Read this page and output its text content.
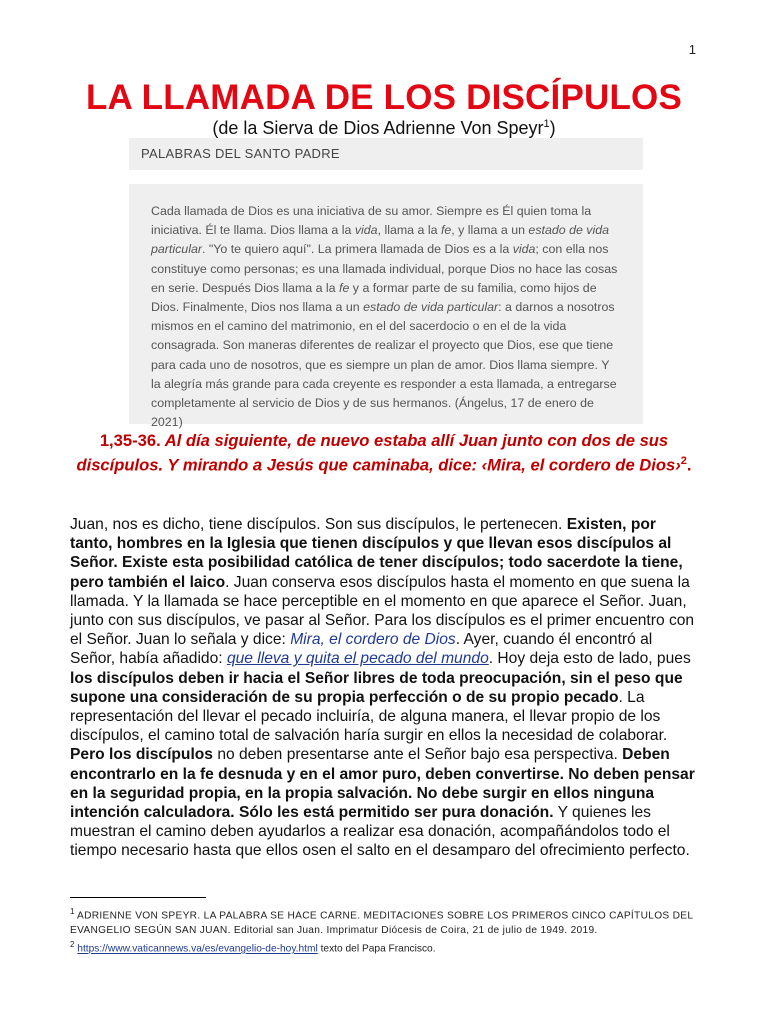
1
LA LLAMADA DE LOS DISCÍPULOS
(de la Sierva de Dios Adrienne Von Speyr$^1$)
PALABRAS DEL SANTO PADRE
Cada llamada de Dios es una iniciativa de su amor. Siempre es Él quien toma la iniciativa. Él te llama. Dios llama a la vida, llama a la fe, y llama a un estado de vida particular. "Yo te quiero aquí". La primera llamada de Dios es a la vida; con ella nos constituye como personas; es una llamada individual, porque Dios no hace las cosas en serie. Después Dios llama a la fe y a formar parte de su familia, como hijos de Dios. Finalmente, Dios nos llama a un estado de vida particular: a darnos a nosotros mismos en el camino del matrimonio, en el del sacerdocio o en el de la vida consagrada. Son maneras diferentes de realizar el proyecto que Dios, ese que tiene para cada uno de nosotros, que es siempre un plan de amor. Dios llama siempre. Y la alegría más grande para cada creyente es responder a esta llamada, a entregarse completamente al servicio de Dios y de sus hermanos. (Ángelus, 17 de enero de 2021)
1,35-36. Al día siguiente, de nuevo estaba allí Juan junto con dos de sus discípulos. Y mirando a Jesús que caminaba, dice: ‹Mira, el cordero de Dios›$^2$.
Juan, nos es dicho, tiene discípulos. Son sus discípulos, le pertenecen. Existen, por tanto, hombres en la Iglesia que tienen discípulos y que llevan esos discípulos al Señor. Existe esta posibilidad católica de tener discípulos; todo sacerdote la tiene, pero también el laico. Juan conserva esos discípulos hasta el momento en que suena la llamada. Y la llamada se hace perceptible en el momento en que aparece el Señor. Juan, junto con sus discípulos, ve pasar al Señor. Para los discípulos es el primer encuentro con el Señor. Juan lo señala y dice: Mira, el cordero de Dios. Ayer, cuando él encontró al Señor, había añadido: que lleva y quita el pecado del mundo. Hoy deja esto de lado, pues los discípulos deben ir hacia el Señor libres de toda preocupación, sin el peso que supone una consideración de su propia perfección o de su propio pecado. La representación del llevar el pecado incluiría, de alguna manera, el llevar propio de los discípulos, el camino total de salvación haría surgir en ellos la necesidad de colaborar. Pero los discípulos no deben presentarse ante el Señor bajo esa perspectiva. Deben encontrarlo en la fe desnuda y en el amor puro, deben convertirse. No deben pensar en la seguridad propia, en la propia salvación. No debe surgir en ellos ninguna intención calculadora. Sólo les está permitido ser pura donación. Y quienes les muestran el camino deben ayudarlos a realizar esa donación, acompañándolos todo el tiempo necesario hasta que ellos osen el salto en el desamparo del ofrecimiento perfecto.
$^1$ ADRIENNE VON SPEYR. LA PALABRA SE HACE CARNE. MEDITACIONES SOBRE LOS PRIMEROS CINCO CAPÍTULOS DEL EVANGELIO SEGÚN SAN JUAN. Editorial san Juan. Imprimatur Diócesis de Coira, 21 de julio de 1949. 2019.
$^2$ https://www.vaticannews.va/es/evangelio-de-hoy.html texto del Papa Francisco.
